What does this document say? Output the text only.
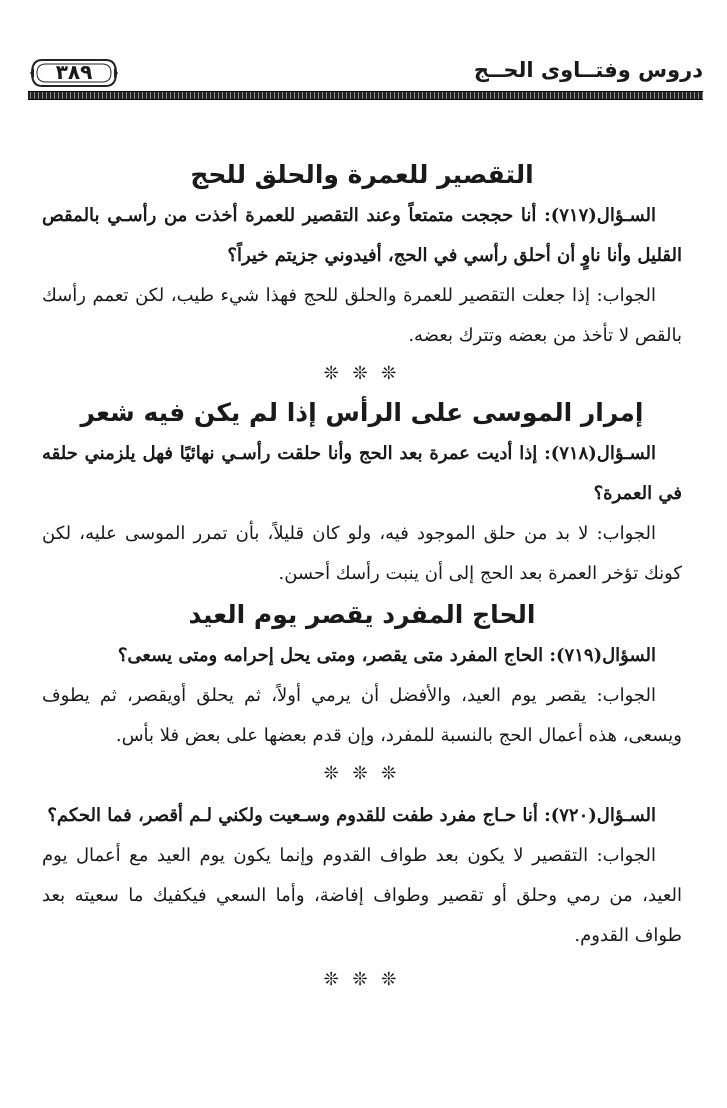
دروس وفتــاوى الحــج
٣٨٩
التقصير للعمرة والحلق للحج

السـؤال(٧١٧): أنا حججت متمتعاً وعند التقصير للعمرة أخذت من رأسـي بالمقص القليل وأنا ناوٍ أن أحلق رأسي في الحج، أفيدوني جزيتم خيراً؟

الجواب: إذا جعلت التقصير للعمرة والحلق للحج فهذا شيء طيب، لكن تعمم رأسك بالقص لا تأخذ من بعضه وتترك بعضه.

❊ ❊ ❊

إمرار الموسى على الرأس إذا لم يكن فيه شعر

السـؤال(٧١٨): إذا أديت عمرة بعد الحج وأنا حلقت رأسـي نهائيًا فهل يلزمني حلقه في العمرة؟

الجواب: لا بد من حلق الموجود فيه، ولو كان قليلاً، بأن تمرر الموسى عليه، لكن كونك تؤخر العمرة بعد الحج إلى أن ينبت رأسك أحسن.

الحاج المفرد يقصر يوم العيد

السؤال(٧١٩): الحاج المفرد متى يقصر، ومتى يحل إحرامه ومتى يسعى؟

الجواب: يقصر يوم العيد، والأفضل أن يرمي أولاً، ثم يحلق أويقصر، ثم يطوف ويسعى، هذه أعمال الحج بالنسبة للمفرد، وإن قدم بعضها على بعض فلا بأس.

❊ ❊ ❊

السـؤال(٧٢٠): أنا حـاج مفرد طفت للقدوم وسـعيت ولكني لـم أقصر، فما الحكم؟

الجواب: التقصير لا يكون بعد طواف القدوم وإنما يكون يوم العيد مع أعمال يوم العيد، من رمي وحلق أو تقصير وطواف إفاضة، وأما السعي فيكفيك ما سعيته بعد طواف القدوم.

❊ ❊ ❊
